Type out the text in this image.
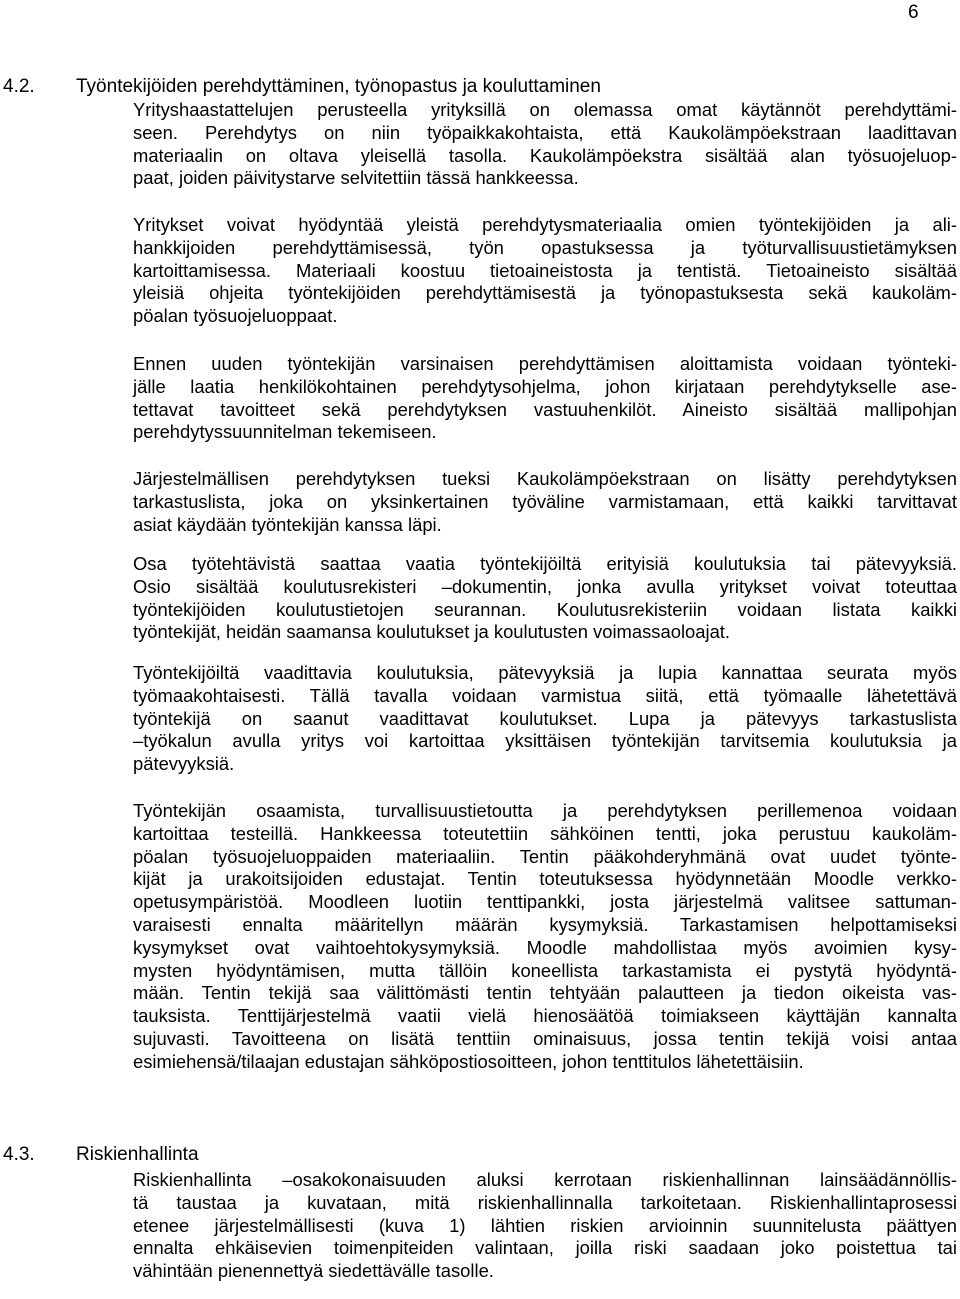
6
4.2. Työntekijöiden perehdyttäminen, työnopastus ja kouluttaminen
4.3. Riskienhallinta
Yrityshaastattelujen perusteella yrityksillä on olemassa omat käytännöt perehdyttämi-
seen. Perehdytys on niin työpaikkakohtaista, että Kaukolämpöekstraan laadittavan
materiaalin on oltava yleisellä tasolla. Kaukolämpöekstra sisältää alan työsuojeluop-
paat, joiden päivitystarve selvitettiin tässä hankkeessa.
Yritykset voivat hyödyntää yleistä perehdytysmateriaalia omien työntekijöiden ja ali-
hankkijoiden perehdyttämisessä, työn opastuksessa ja työturvallisuustietämyksen
kartoittamisessa. Materiaali koostuu tietoaineistosta ja tentistä. Tietoaineisto sisältää
yleisiä ohjeita työntekijöiden perehdyttämisestä ja työnopastuksesta sekä kaukoläm-
pöalan työsuojeluoppaat.
Ennen uuden työntekijän varsinaisen perehdyttämisen aloittamista voidaan työnteki-
jälle laatia henkilökohtainen perehdytysohjelma, johon kirjataan perehdytykselle ase-
tettavat tavoitteet sekä perehdytyksen vastuuhenkilöt. Aineisto sisältää mallipohjan
perehdytyssuunnitelman tekemiseen.
Järjestelmällisen perehdytyksen tueksi Kaukolämpöekstraan on lisätty perehdytyksen
tarkastuslista, joka on yksinkertainen työväline varmistamaan, että kaikki tarvittavat
asiat käydään työntekijän kanssa läpi.
Osa työtehtävistä saattaa vaatia työntekijöiltä erityisiä koulutuksia tai pätevyyksiä.
Osio sisältää koulutusrekisteri –dokumentin, jonka avulla yritykset voivat toteuttaa
työntekijöiden koulutustietojen seurannan. Koulutusrekisteriin voidaan listata kaikki
työntekijät, heidän saamansa koulutukset ja koulutusten voimassaoloajat.
Työntekijöiltä vaadittavia koulutuksia, pätevyyksiä ja lupia kannattaa seurata myös
työmaakohtaisesti. Tällä tavalla voidaan varmistua siitä, että työmaalle lähetettävä
työntekijä on saanut vaadittavat koulutukset. Lupa ja pätevyys tarkastuslista
–työkalun avulla yritys voi kartoittaa yksittäisen työntekijän tarvitsemia koulutuksia ja
pätevyyksiä.
Työntekijän osaamista, turvallisuustietoutta ja perehdytyksen perillemenoa voidaan
kartoittaa testeillä. Hankkeessa toteutettiin sähköinen tentti, joka perustuu kaukoläm-
pöalan työsuojeluoppaiden materiaaliin. Tentin pääkohderyhmänä ovat uudet työnte-
kijät ja urakoitsijoiden edustajat. Tentin toteutuksessa hyödynnetään Moodle verkko-
opetusympäristöä. Moodleen luotiin tenttipankki, josta järjestelmä valitsee sattuman-
varaisesti ennalta määritellyn määrän kysymyksiä. Tarkastamisen helpottamiseksi
kysymykset ovat vaihtoehtokysymyksiä. Moodle mahdollistaa myös avoimien kysy-
mysten hyödyntämisen, mutta tällöin koneellista tarkastamista ei pystytä hyödyntä-
mään. Tentin tekijä saa välittömästi tentin tehtyään palautteen ja tiedon oikeista vas-
tauksista. Tenttijärjestelmä vaatii vielä hienosäätöä toimiakseen käyttäjän kannalta
sujuvasti. Tavoitteena on lisätä tenttiin ominaisuus, jossa tentin tekijä voisi antaa
esimiehensä/tilaajan edustajan sähköpostiosoitteen, johon tenttitulos lähetettäisiin.
Riskienhallinta –osakokonaisuuden aluksi kerrotaan riskienhallinnan lainsäädännöllis-
tä taustaa ja kuvataan, mitä riskienhallinnalla tarkoitetaan. Riskienhallintaprosessi
etenee järjestelmällisesti (kuva 1) lähtien riskien arvioinnin suunnitelusta päättyen
ennalta ehkäisevien toimenpiteiden valintaan, joilla riski saadaan joko poistettua tai
vähintään pienennettyä siedettävälle tasolle.
